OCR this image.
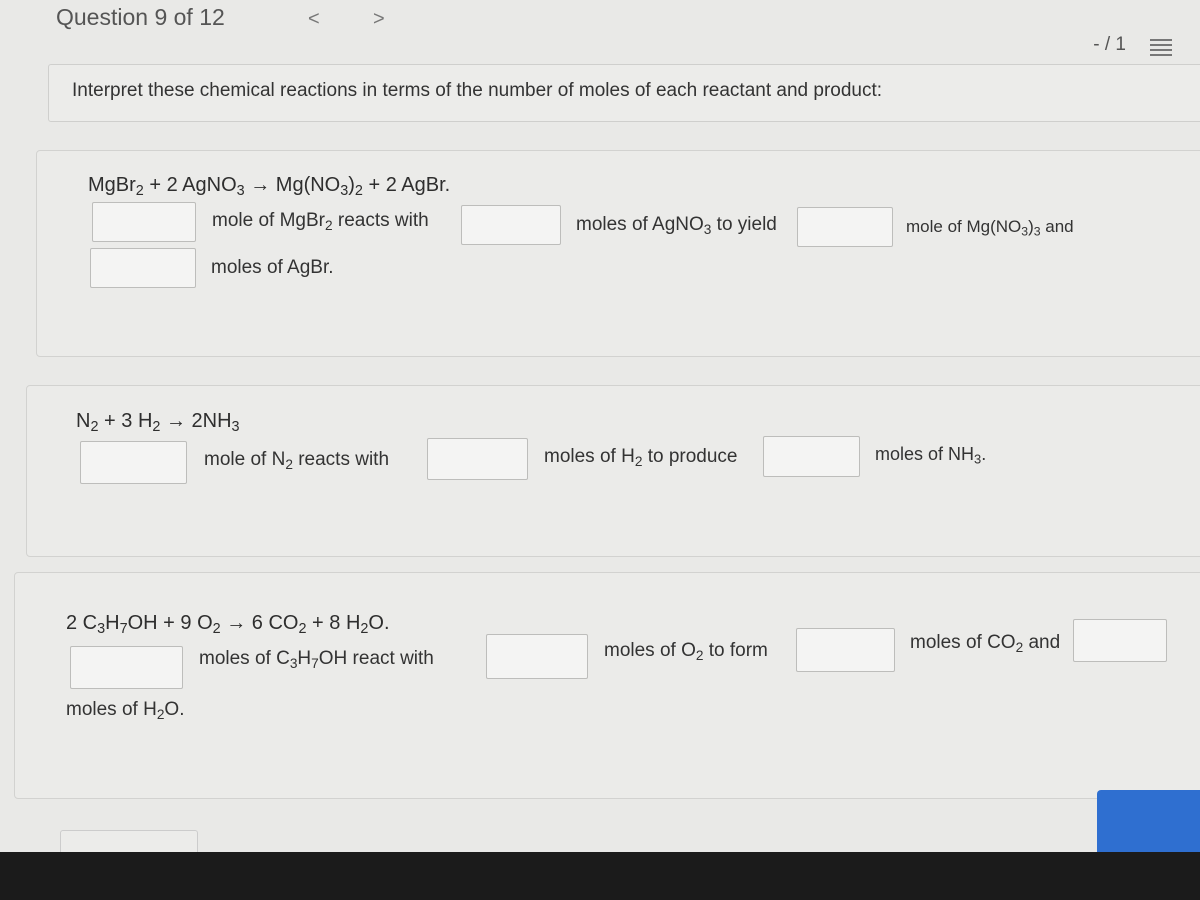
Question 9 of 12	<	>
- / 1
Interpret these chemical reactions in terms of the number of moles of each reactant and product:
MgBr$_2$ + 2 AgNO$_3$ → $Mg(NO_3)_2 + 2$ AgBr.
mole of MgBr$_2$ reacts with	moles of AgNO$_3$ to yield	mole of $Mg(NO_3)_3$ and
moles of AgBr.
$N_2 + 3$ $H_2 \to 2NH_3$
mole of $N_2$ reacts with	moles of $H_2$ to produce	moles of $NH_3$.
2 $C_3H_7OH + 9$ $O_2 \to 6$ $CO_2 + 8$ $H_2O$.
moles of $C_3H_7OH$ react with	moles of $O_2$ to form	moles of $CO_2$ and
moles of $H_2O$.
